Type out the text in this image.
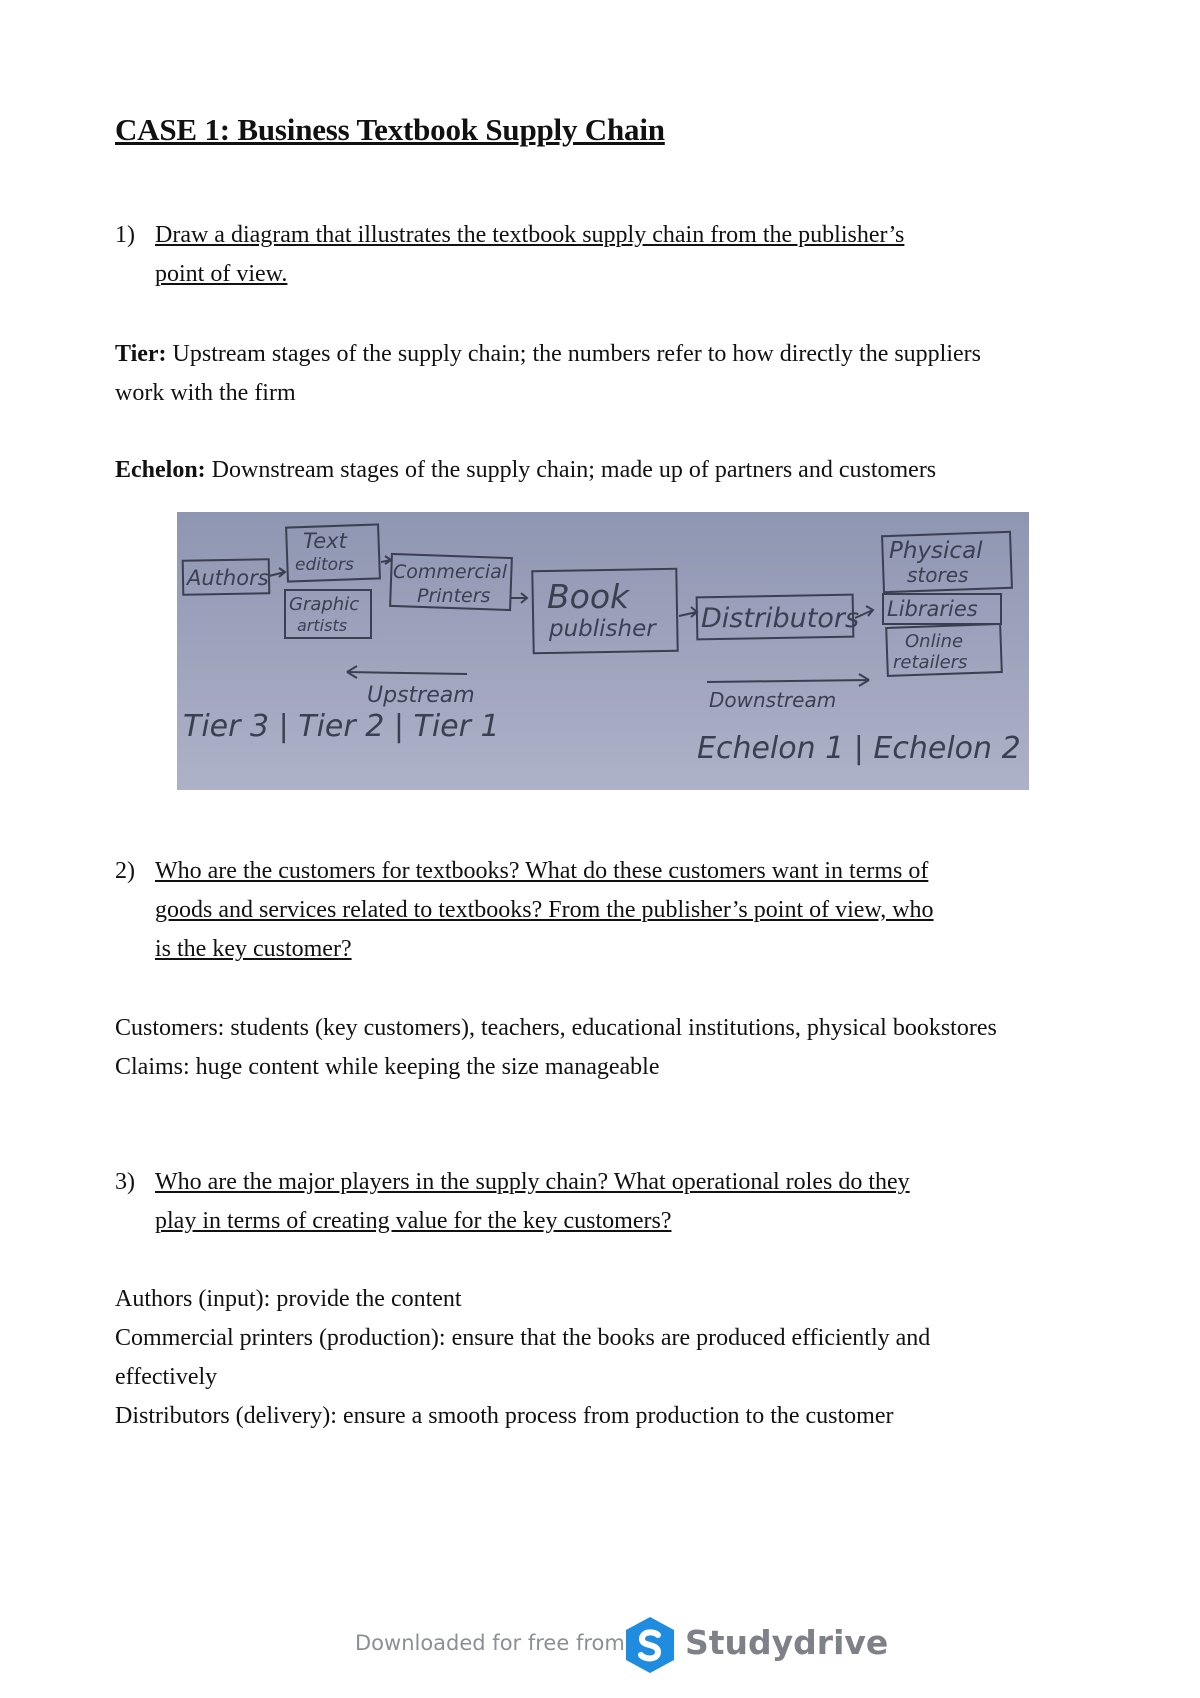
CASE 1: Business Textbook Supply Chain
1) Draw a diagram that illustrates the textbook supply chain from the publisher’s
point of view.
Tier: Upstream stages of the supply chain; the numbers refer to how directly the suppliers
work with the firm
Echelon: Downstream stages of the supply chain; made up of partners and customers
Authors
Text
editors
Graphic
artists
Commercial
Printers Book
publisher Distributors
Physical
stores
Libraries
Online
retailers
Upstream	Downstream
Tier 3 | Tier 2 | Tier 1
Echelon 1 | Echelon 2
2) Who are the customers for textbooks? What do these customers want in terms of
goods and services related to textbooks? From the publisher’s point of view, who
is the key customer?
Customers: students (key customers), teachers, educational institutions, physical bookstores
Claims: huge content while keeping the size manageable
3) Who are the major players in the supply chain? What operational roles do they
play in terms of creating value for the key customers?
Authors (input): provide the content
Commercial printers (production): ensure that the books are produced efficiently and
effectively
Distributors (delivery): ensure a smooth process from production to the customer
Downloaded for free from Studydrive
